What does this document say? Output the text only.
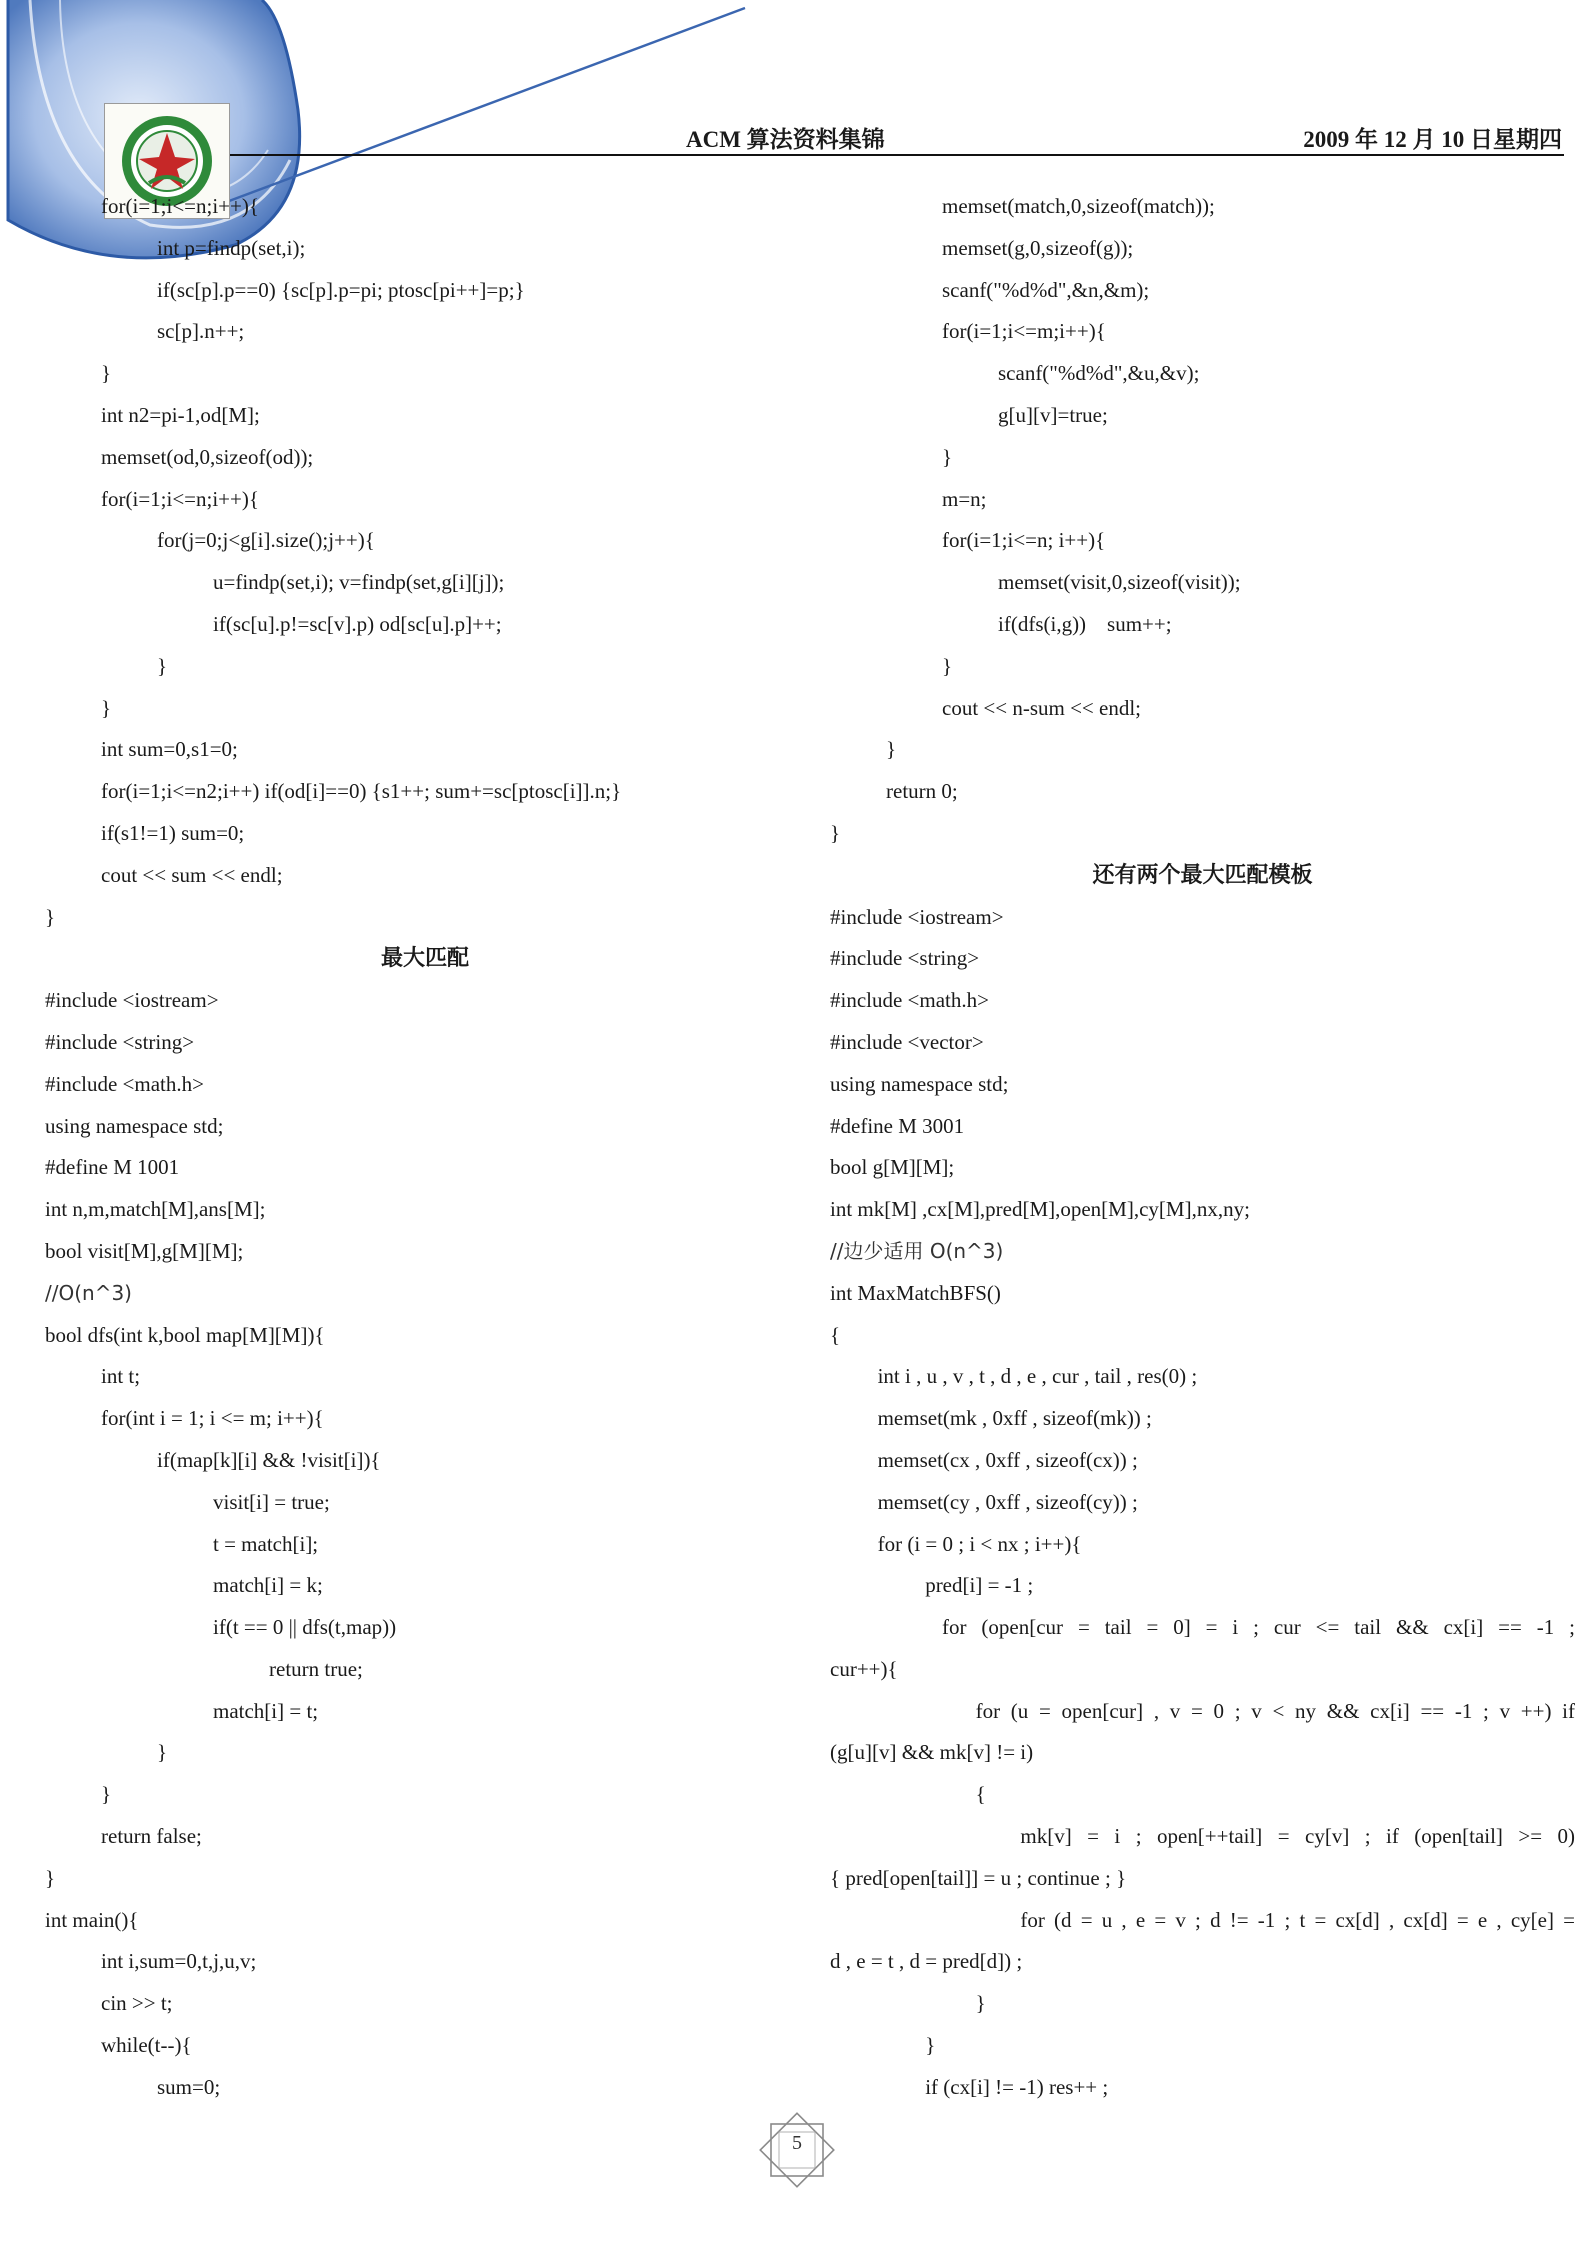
ACM 算法资料集锦	2009 年 12 月 10 日星期四
for(i=1;i<=n;i++){
int p=findp(set,i);
if(sc[p].p==0) {sc[p].p=pi; ptosc[pi++]=p;}
sc[p].n++;
}
int n2=pi-1,od[M];
memset(od,0,sizeof(od));
for(i=1;i<=n;i++){
for(j=0;j<g[i].size();j++){
u=findp(set,i); v=findp(set,g[i][j]);
if(sc[u].p!=sc[v].p) od[sc[u].p]++;
}
}
int sum=0,s1=0;
for(i=1;i<=n2;i++) if(od[i]==0) {s1++; sum+=sc[ptosc[i]].n;}
if(s1!=1) sum=0;
cout << sum << endl;
}
最大匹配
#include <iostream>
#include <string>
#include <math.h>
using namespace std;
#define M 1001
int n,m,match[M],ans[M];
bool visit[M],g[M][M];
//O(n^3)
bool dfs(int k,bool map[M][M]){
int t;
for(int i = 1; i <= m; i++){
if(map[k][i] && !visit[i]){
visit[i] = true;
t = match[i];
match[i] = k;
if(t == 0 || dfs(t,map))
return true;
match[i] = t;
}
}
return false;
}
int main(){
int i,sum=0,t,j,u,v;
cin >> t;
while(t--){
sum=0;
memset(match,0,sizeof(match));
memset(g,0,sizeof(g));
scanf("%d%d",&n,&m);
for(i=1;i<=m;i++){
scanf("%d%d",&u,&v);
g[u][v]=true;
}
m=n;
for(i=1;i<=n; i++){
memset(visit,0,sizeof(visit));
if(dfs(i,g))    sum++;
}
cout << n-sum << endl;
}
return 0;
}
还有两个最大匹配模板
#include <iostream>
#include <string>
#include <math.h>
#include <vector>
using namespace std;
#define M 3001
bool g[M][M];
int mk[M] ,cx[M],pred[M],open[M],cy[M],nx,ny;
//边少适用 O(n^3)
int MaxMatchBFS()
{
int i , u , v , t , d , e , cur , tail , res(0) ;
memset(mk , 0xff , sizeof(mk)) ;
memset(cx , 0xff , sizeof(cx)) ;
memset(cy , 0xff , sizeof(cy)) ;
for (i = 0 ; i < nx ; i++){
pred[i] = -1 ;
for (open[cur = tail = 0] = i ; cur <= tail && cx[i] == -1 ;
cur++){
for (u = open[cur] , v = 0 ; v < ny && cx[i] == -1 ; v ++) if
(g[u][v] && mk[v] != i)
{
mk[v] = i ; open[++tail] = cy[v] ; if (open[tail] >= 0)
{ pred[open[tail]] = u ; continue ; }
for (d = u , e = v ; d != -1 ; t = cx[d] , cx[d] = e , cy[e] =
d , e = t , d = pred[d]) ;
}
}
if (cx[i] != -1) res++ ;
5
